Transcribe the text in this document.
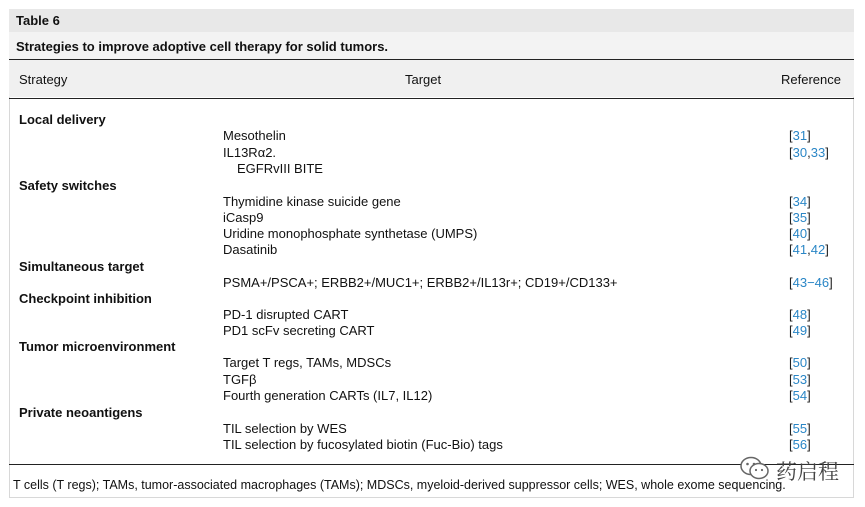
Table 6
Strategies to improve adoptive cell therapy for solid tumors.
Strategy	Target	Reference
Local delivery
Mesothelin	[31]
IL13Rα2.	[30,33]
EGFRvIII BITE
Safety switches
Thymidine kinase suicide gene	[34]
iCasp9	[35]
Uridine monophosphate synthetase (UMPS)	[40]
Dasatinib	[41,42]
Simultaneous target
PSMA+/PSCA+; ERBB2+/MUC1+; ERBB2+/IL13r+; CD19+/CD133+	[43−46]
Checkpoint inhibition
PD-1 disrupted CART	[48]
PD1 scFv secreting CART	[49]
Tumor microenvironment
Target T regs, TAMs, MDSCs	[50]
TGFβ	[53]
Fourth generation CARTs (IL7, IL12)	[54]
Private neoantigens
TIL selection by WES	[55]
TIL selection by fucosylated biotin (Fuc-Bio) tags	[56]
T cells (T regs); TAMs, tumor-associated macrophages (TAMs); MDSCs, myeloid-derived suppressor cells; WES, whole exome sequencing.
药启程
